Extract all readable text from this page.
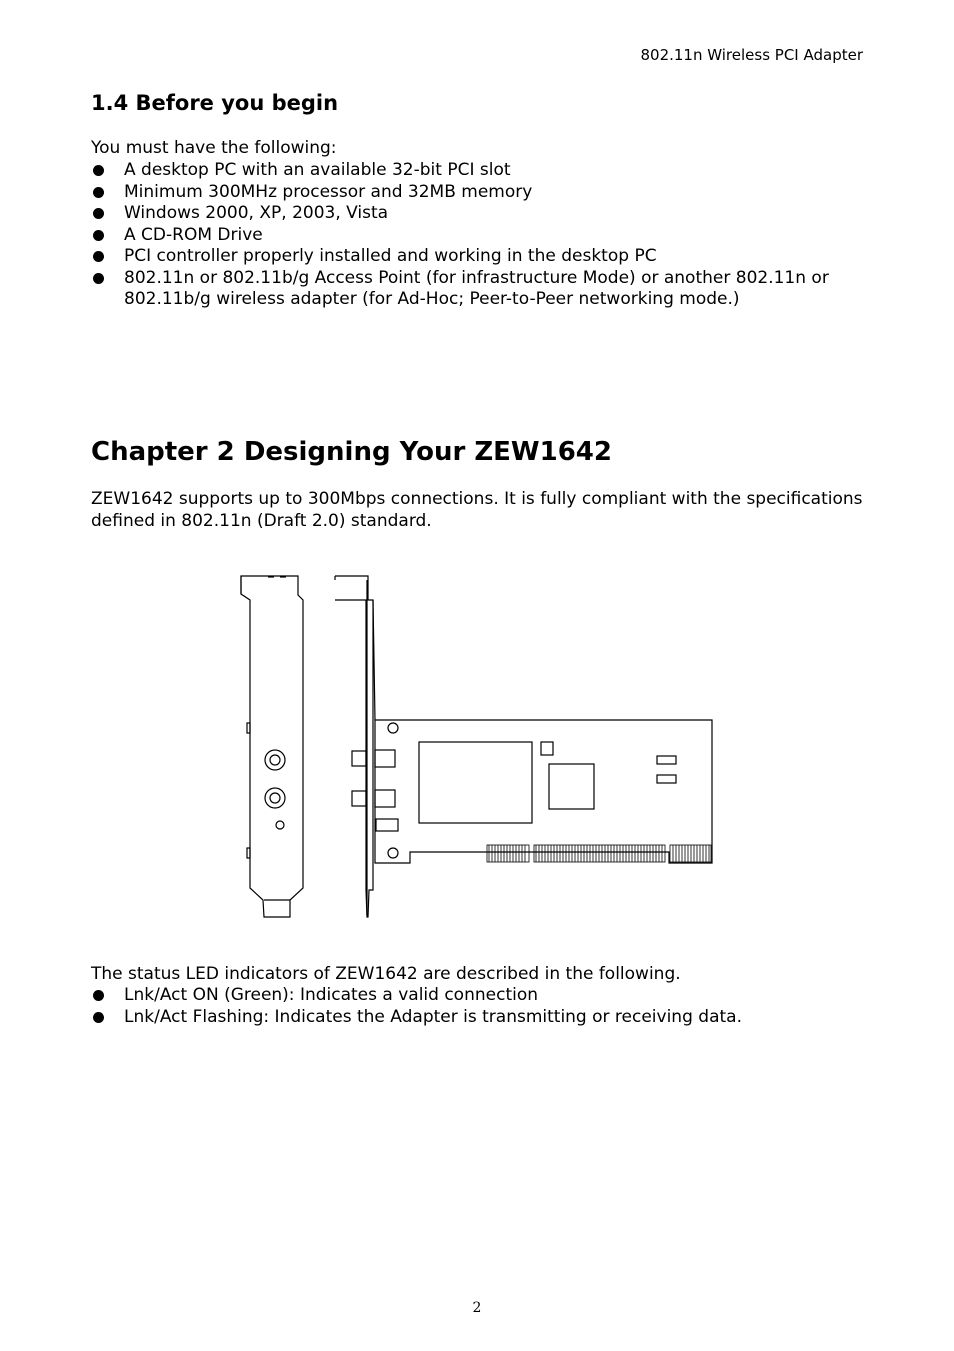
802.11n Wireless PCI Adapter
1.4 Before you begin

You must have the following:

A desktop PC with an available 32-bit PCI slot
Minimum 300MHz processor and 32MB memory
Windows 2000, XP, 2003, Vista
A CD-ROM Drive
PCI controller properly installed and working in the desktop PC
802.11n or 802.11b/g Access Point (for infrastructure Mode) or another 802.11n or 802.11b/g wireless adapter (for Ad-Hoc; Peer-to-Peer networking mode.)
Chapter 2 Designing Your ZEW1642

ZEW1642 supports up to 300Mbps connections. It is fully compliant with the specifications defined in 802.11n (Draft 2.0) standard.

The status LED indicators of ZEW1642 are described in the following.

Lnk/Act ON (Green): Indicates a valid connection
Lnk/Act Flashing: Indicates the Adapter is transmitting or receiving data.
2
